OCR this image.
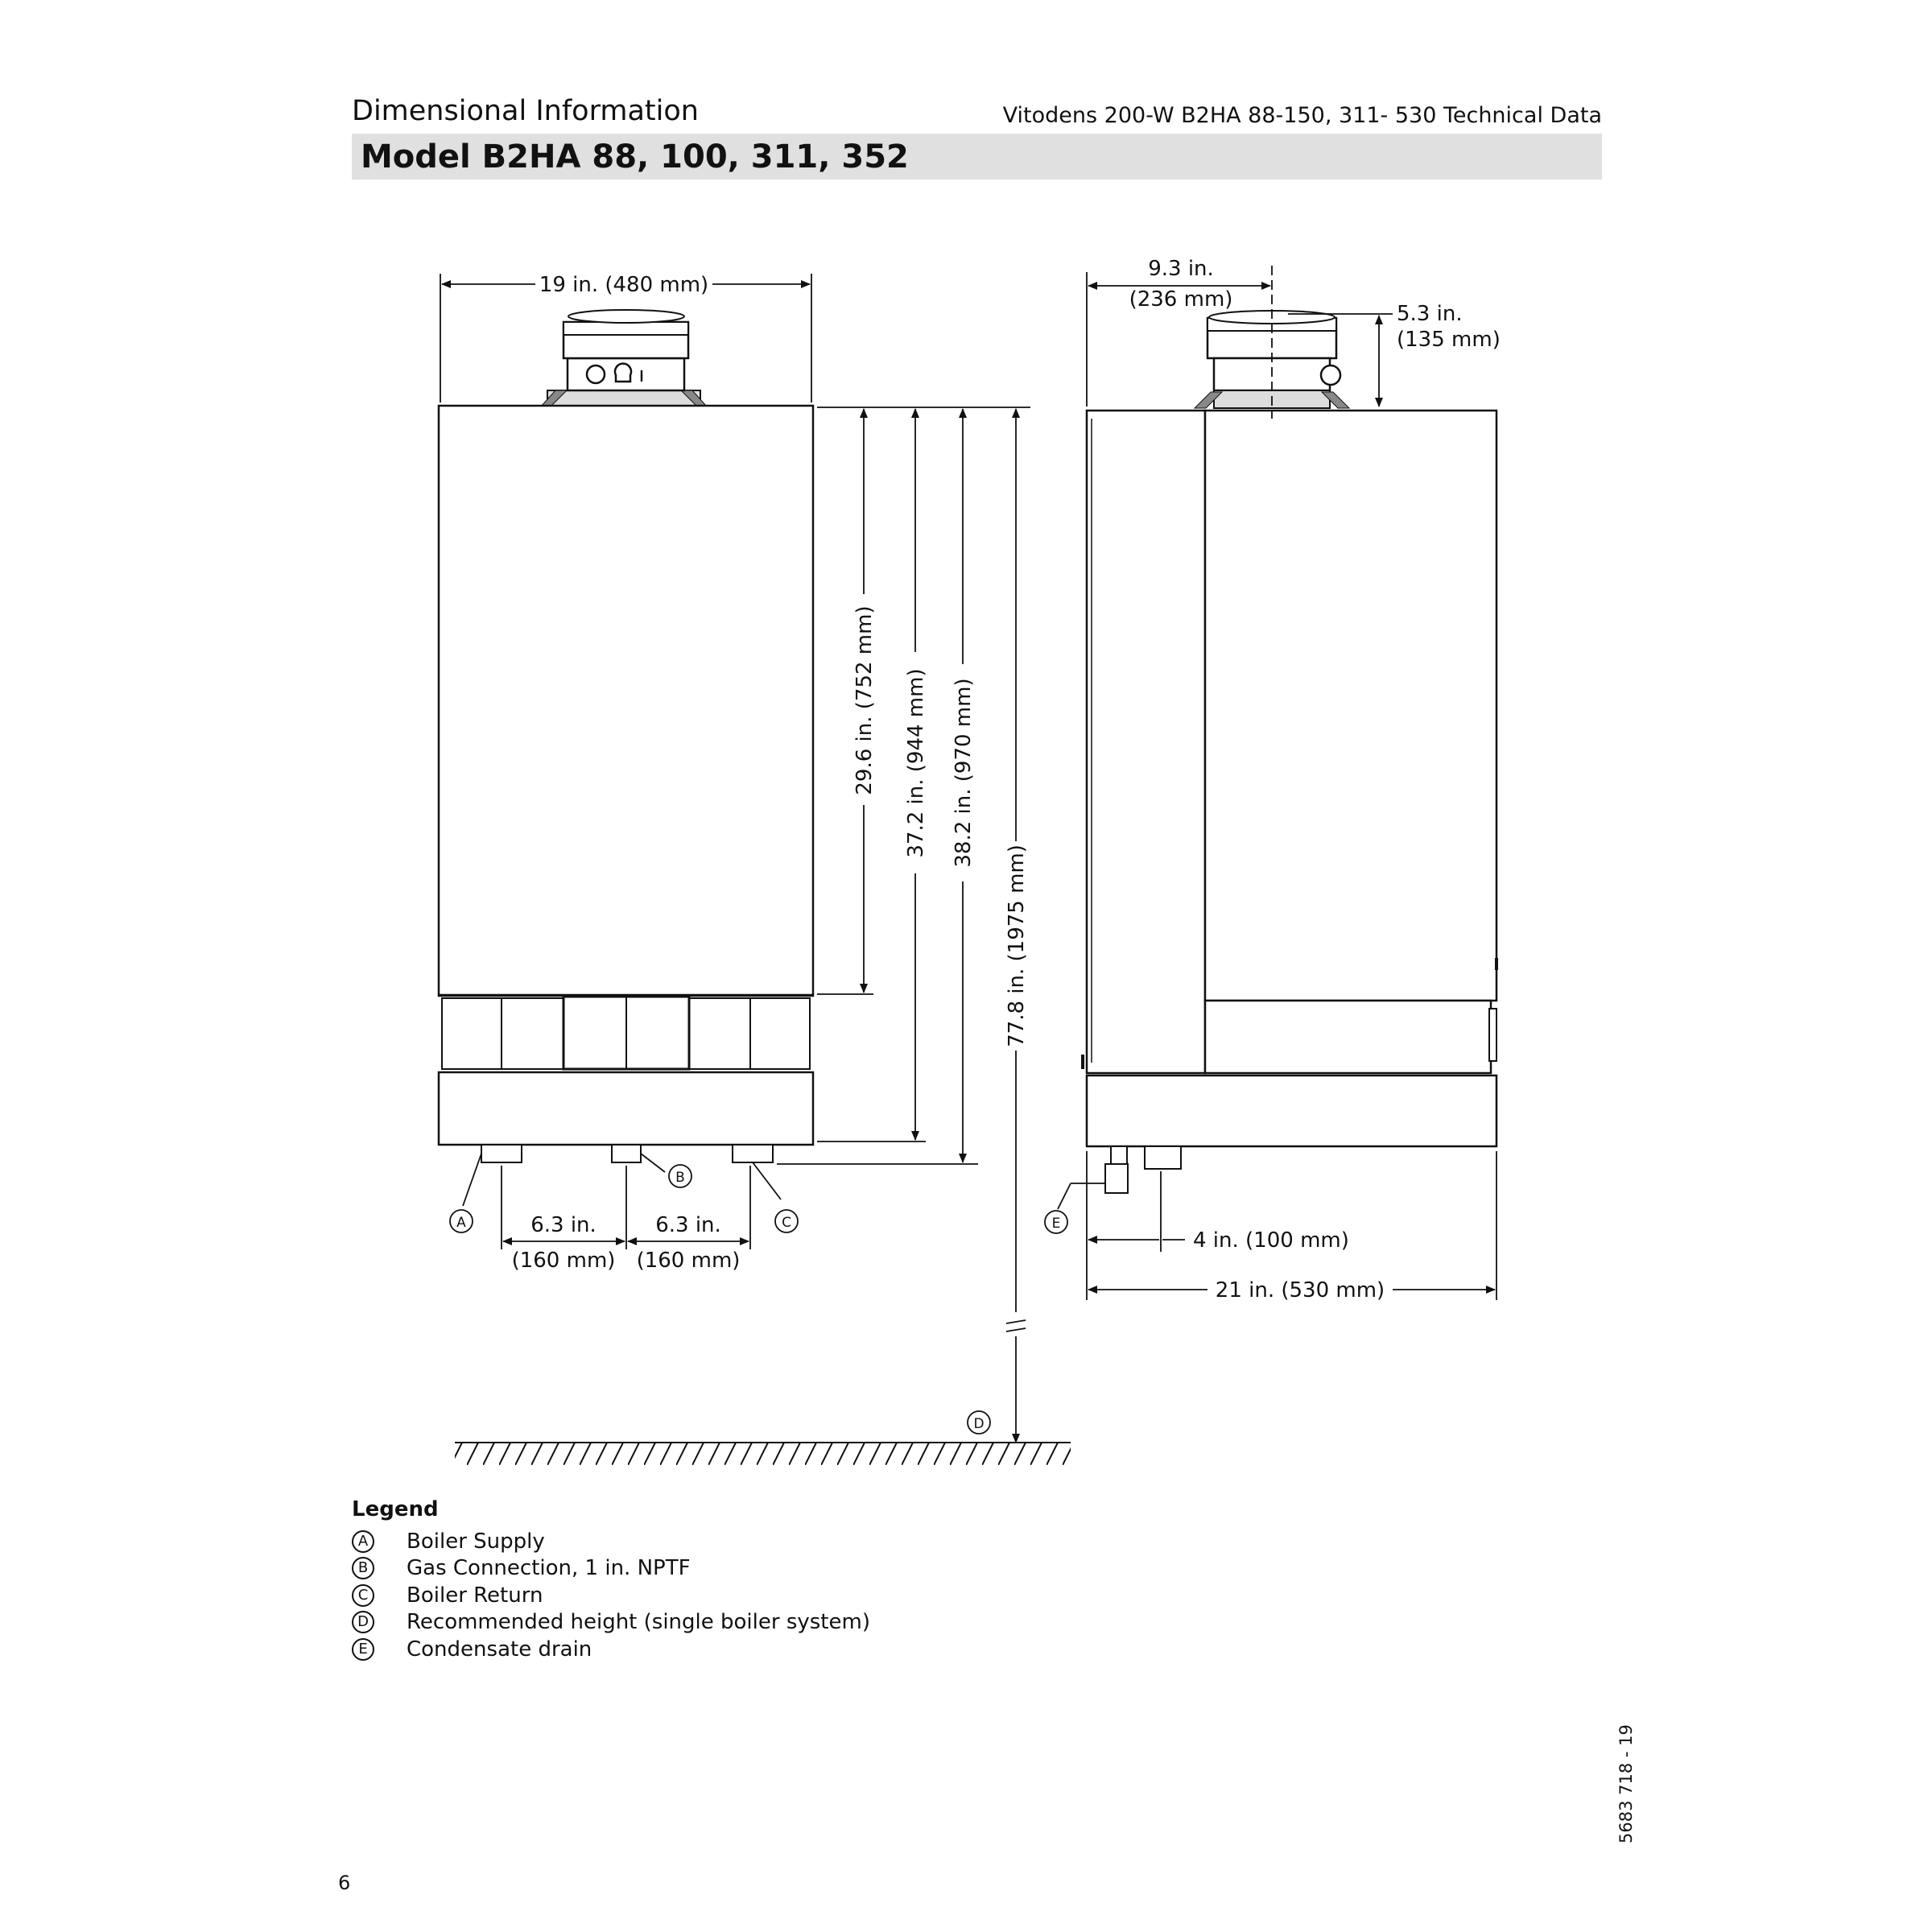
Dimensional Information	Vitodens 200-W B2HA 88-150, 311- 530 Technical Data
Model B2HA 88, 100, 311, 352
19 in. (480 mm)
29.6 in. (752 mm) 37.2 in. (944 mm) 38.2 in. (970 mm)
77.8 in. (1975 mm)
6.3 in.
(160 mm)
6.3 in.
(160 mm)
9.3 in.
(236 mm)
5.3 in.
(135 mm)
4 in. (100 mm)
21 in. (530 mm)
A
B
C
D
E
Legend
A	Boiler Supply
B	Gas Connection, 1 in. NPTF
C Boiler Return
D Recommended height (single boiler system)
E	Condensate drain
6
5683 718 - 19
